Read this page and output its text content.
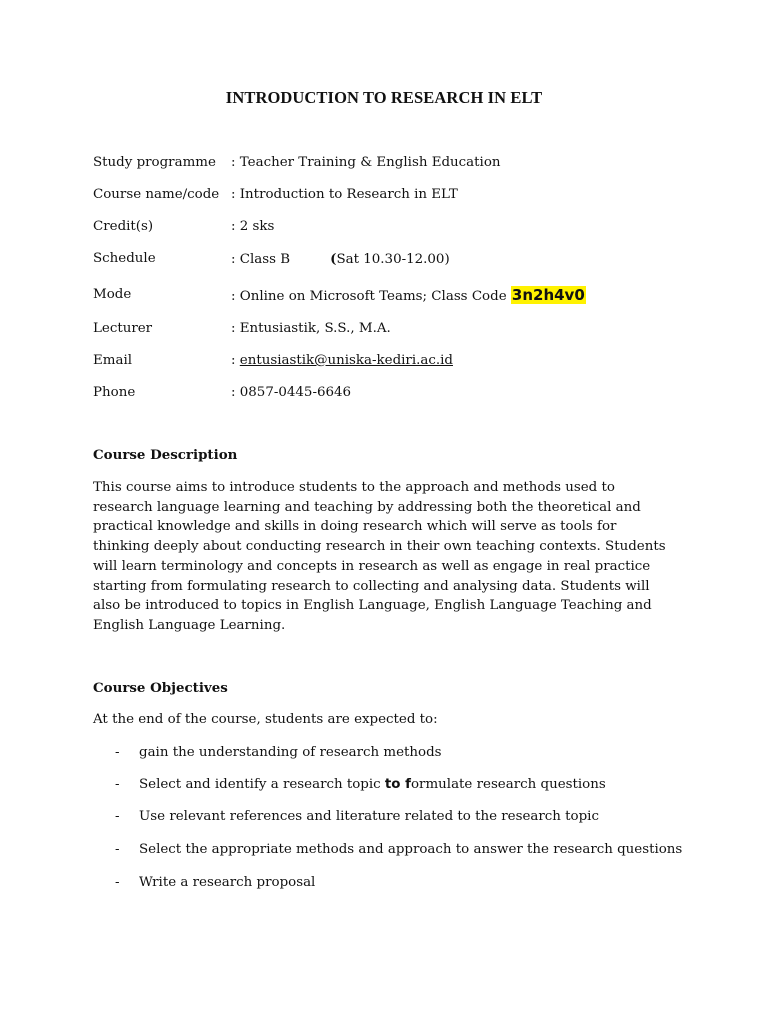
INTRODUCTION TO RESEARCH IN ELT
Study programme : Teacher Training & English Education
Course name/code : Introduction to Research in ELT
Credit(s)	: 2 sks
Schedule	: Class B	(Sat 10.30-12.00)
Mode	: Online on Microsoft Teams; Class Code 3n2h4v0
Lecturer	: Entusiastik, S.S., M.A.
Email	: entusiastik@uniska-kediri.ac.id
Phone	: 0857-0445-6646
Course Description
This course aims to introduce students to the approach and methods used to research language learning and teaching by addressing both the theoretical and practical knowledge and skills in doing research which will serve as tools for thinking deeply about conducting research in their own teaching contexts. Students will learn terminology and concepts in research as well as engage in real practice starting from formulating research to collecting and analysing data. Students will also be introduced to topics in English Language, English Language Teaching and English Language Learning.
Course Objectives
At the end of the course, students are expected to:
- gain the understanding of research methods
- Select and identify a research topic to formulate research questions
- Use relevant references and literature related to the research topic
- Select the appropriate methods and approach to answer the research questions
- Write a research proposal
